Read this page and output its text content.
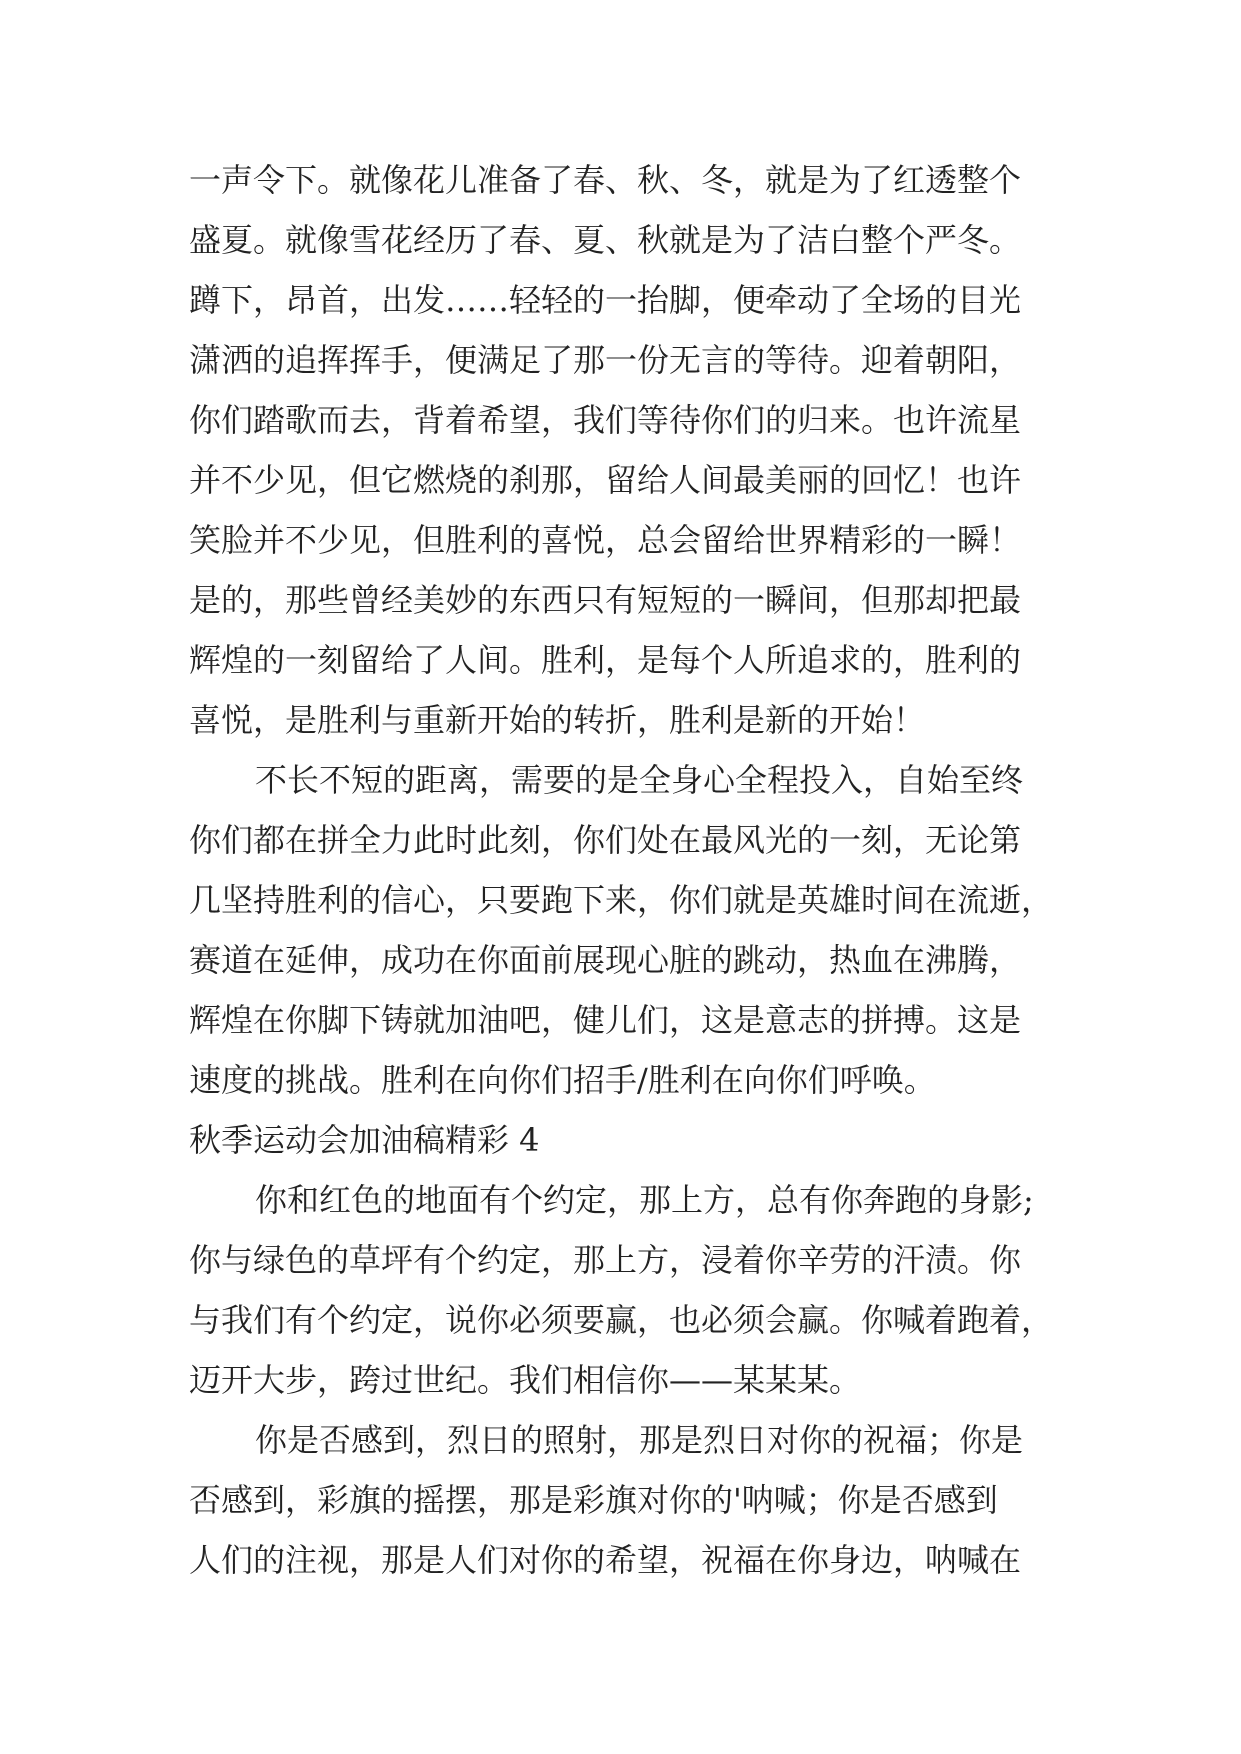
一声令下。就像花儿准备了春、秋、冬，就是为了红透整个
盛夏。就像雪花经历了春、夏、秋就是为了洁白整个严冬。
蹲下，昂首，出发……轻轻的一抬脚，便牵动了全场的目光
潇洒的追挥挥手，便满足了那一份无言的等待。迎着朝阳，
你们踏歌而去，背着希望，我们等待你们的归来。也许流星
并不少见，但它燃烧的刹那，留给人间最美丽的回忆！也许
笑脸并不少见，但胜利的喜悦，总会留给世界精彩的一瞬！
是的，那些曾经美妙的东西只有短短的一瞬间，但那却把最
辉煌的一刻留给了人间。胜利，是每个人所追求的，胜利的
喜悦，是胜利与重新开始的转折，胜利是新的开始！
不长不短的距离，需要的是全身心全程投入，自始至终
你们都在拼全力此时此刻，你们处在最风光的一刻，无论第
几坚持胜利的信心，只要跑下来，你们就是英雄时间在流逝，
赛道在延伸，成功在你面前展现心脏的跳动，热血在沸腾，
辉煌在你脚下铸就加油吧，健儿们，这是意志的拼搏。这是
速度的挑战。胜利在向你们招手/胜利在向你们呼唤。
秋季运动会加油稿精彩 4
你和红色的地面有个约定，那上方，总有你奔跑的身影;
你与绿色的草坪有个约定，那上方，浸着你辛劳的汗渍。你
与我们有个约定，说你必须要赢，也必须会赢。你喊着跑着，
迈开大步，跨过世纪。我们相信你——某某某。
你是否感到，烈日的照射，那是烈日对你的祝福；你是
否感到，彩旗的摇摆，那是彩旗对你的'呐喊；你是否感到
人们的注视，那是人们对你的希望，祝福在你身边，呐喊在
